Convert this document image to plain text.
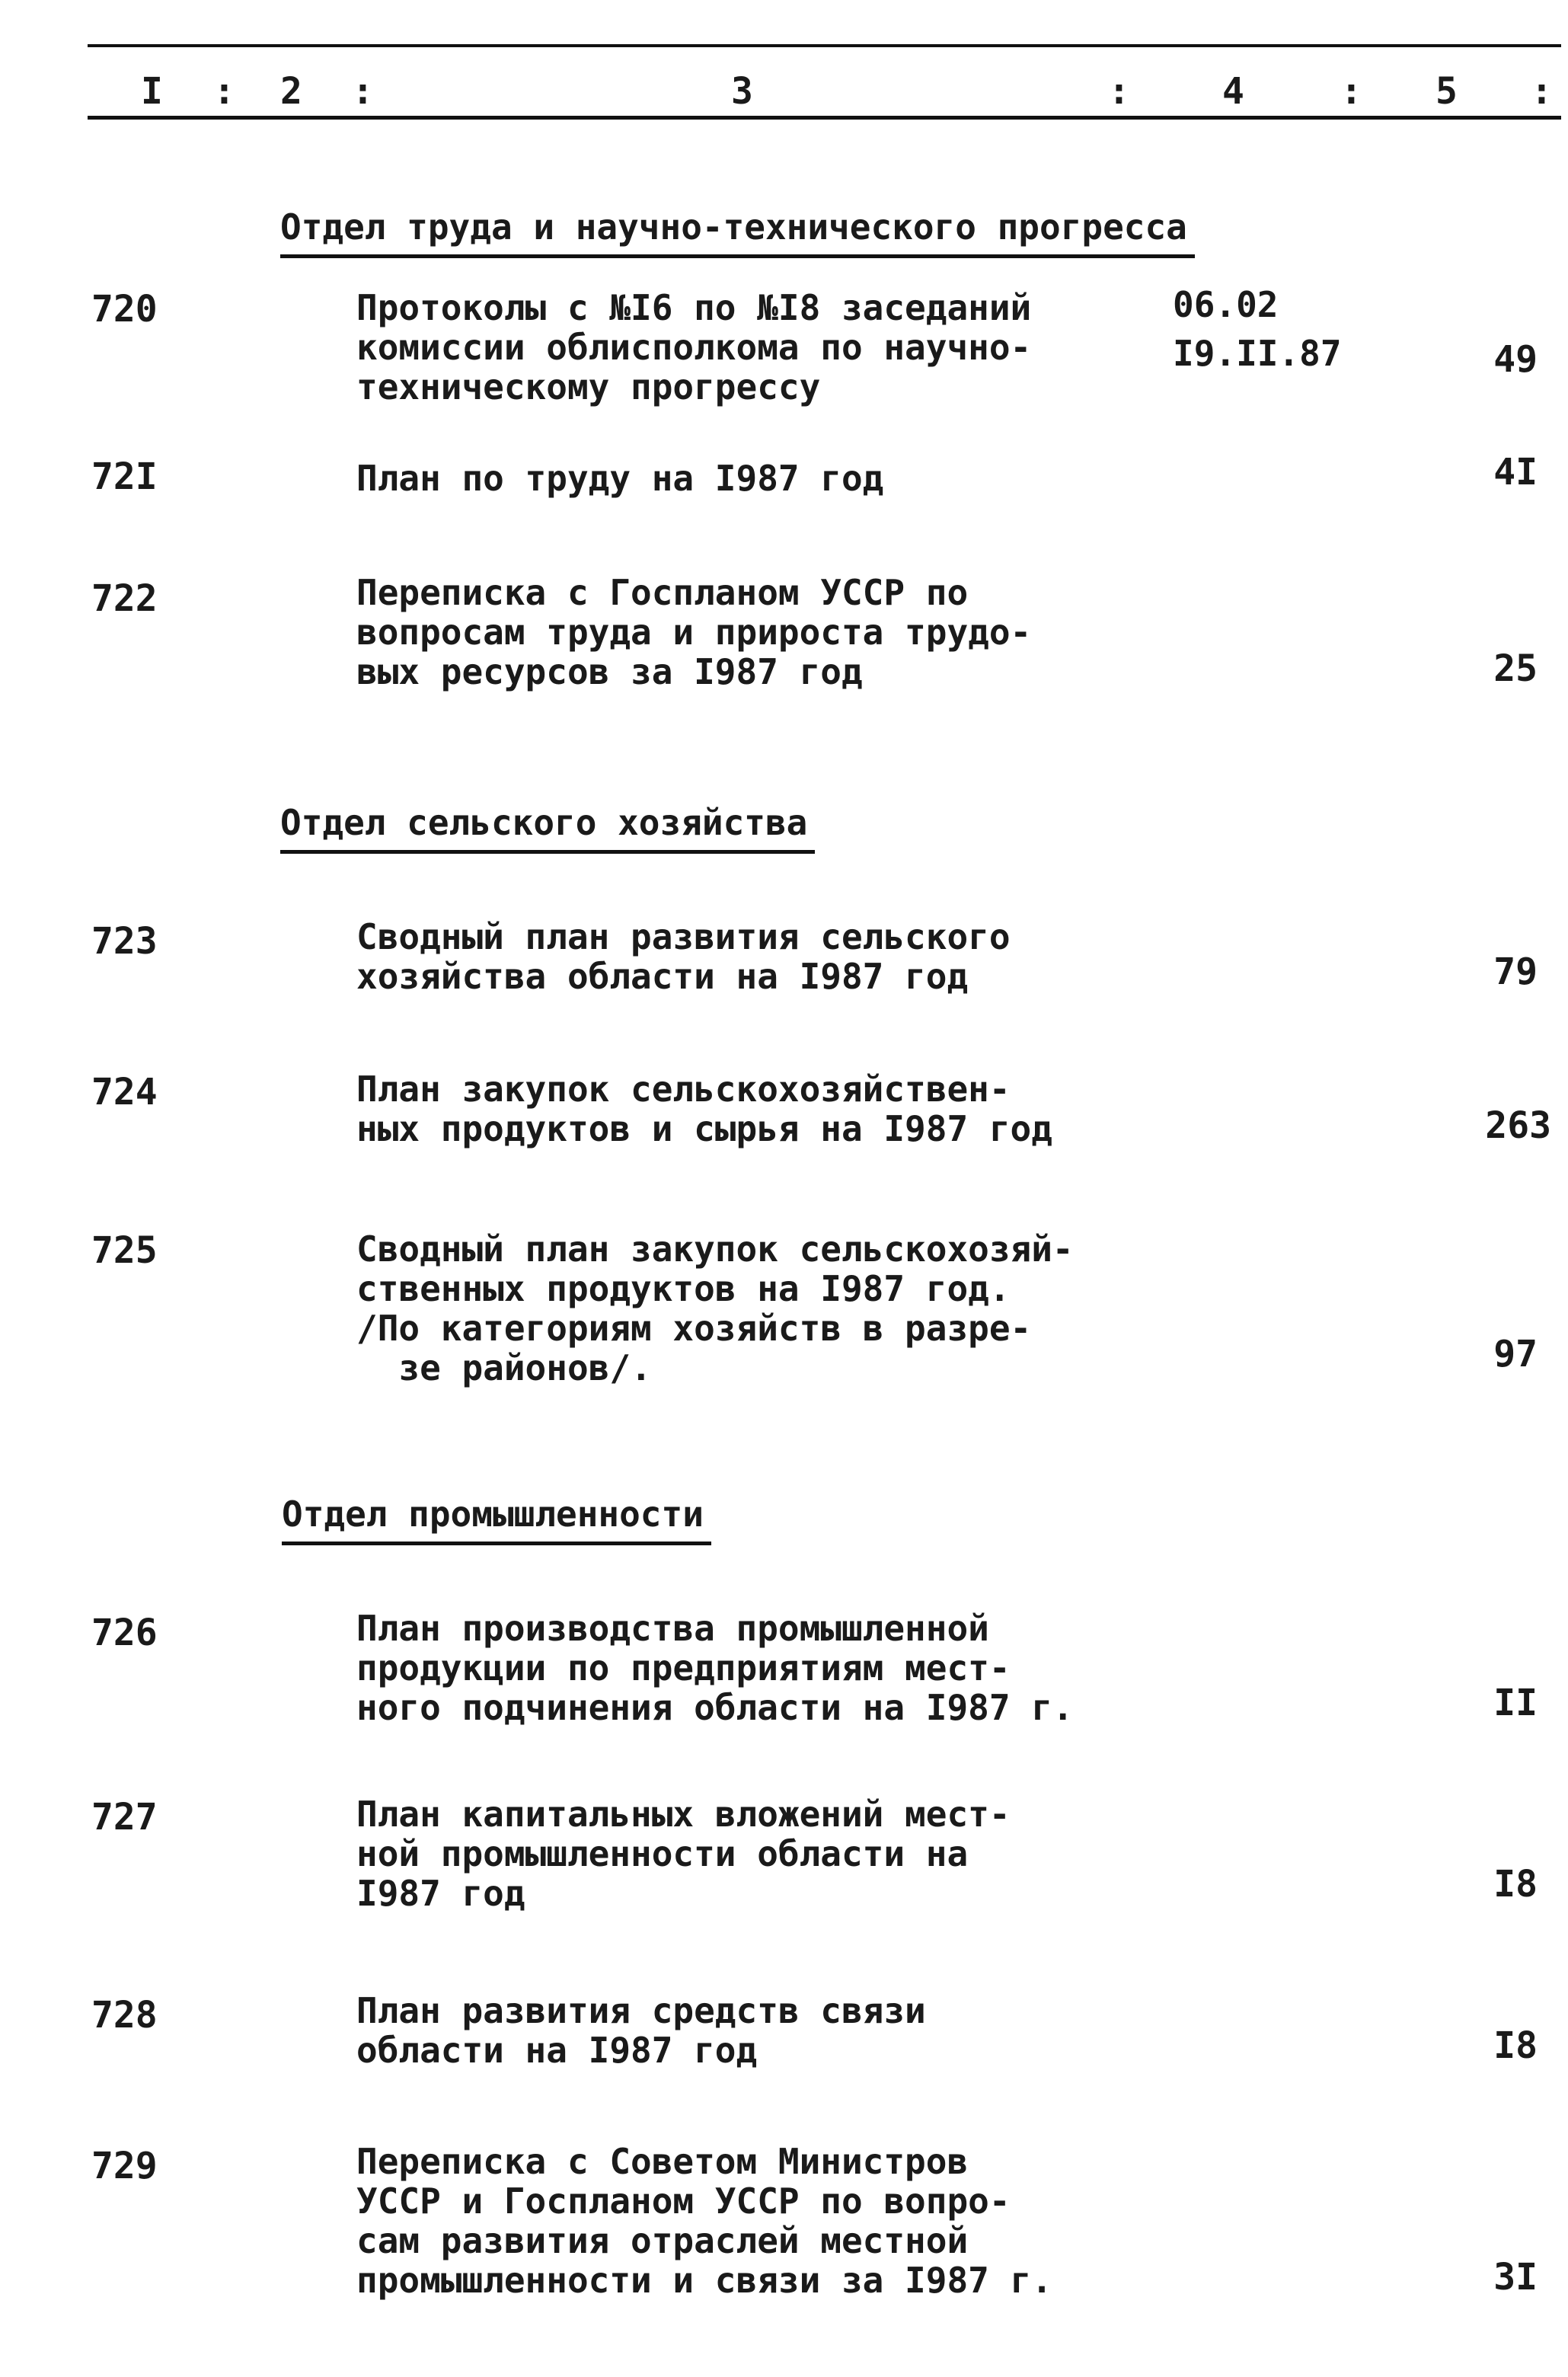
I : 2 :	3	:	4	: 5 :
Отдел труда и научно-технического прогресса
720	Протоколы с №I6 по №I8 заседаний
комиссии облисполкома по научно-
техническому прогрессу
06.02
I9.II.87	49
72I	План по труду на I987 год	4I
722	Переписка с Госпланом УССР по
вопросам труда и прироста трудо-
вых ресурсов за I987 год	25
Отдел сельского хозяйства
723	Сводный план развития сельского
хозяйства области на I987 год	79
724	План закупок сельскохозяйствен-
ных продуктов и сырья на I987 год	263
725	Сводный план закупок сельскохозяй-
ственных продуктов на I987 год.
/По категориям хозяйств в разре-
зе районов/.	97
Отдел промышленности
726	План производства промышленной
продукции по предприятиям мест-
ного подчинения области на I987 г.	II
727	План капитальных вложений мест-
ной промышленности области на
I987 год	I8
728	План развития средств связи
области на I987 год	I8
729	Переписка с Советом Министров
УССР и Госпланом УССР по вопро-
сам развития отраслей местной
промышленности и связи за I987 г.	3I
